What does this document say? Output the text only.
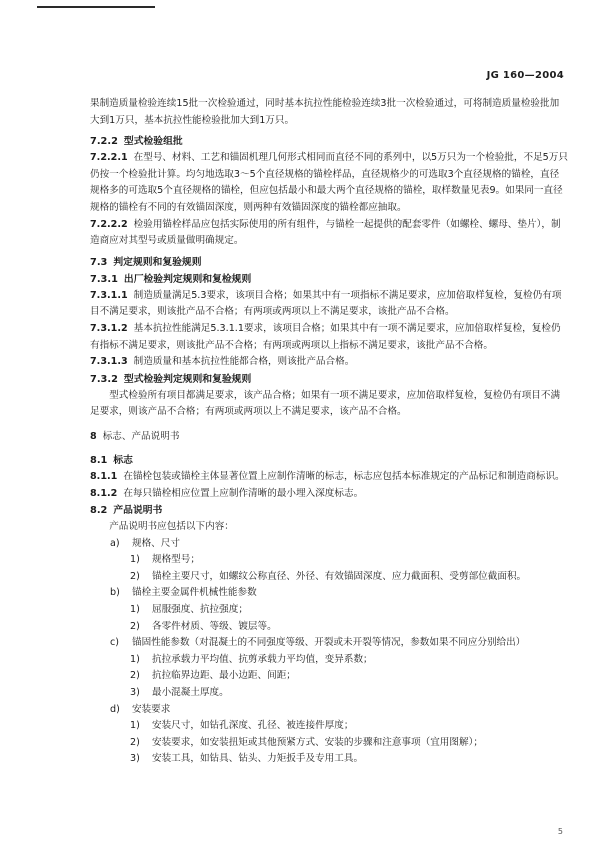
JG 160—2004

果制造质量检验连续15批一次检验通过，同时基本抗拉性能检验连续3批一次检验通过，可将制造质量检验批加大到1万只，基本抗拉性能检验批加大到1万只。

7.2.2 型式检验组批

7.2.2.1 在型号、材料、工艺和锚固机理几何形式相同而直径不同的系列中，以5万只为一个检验批，不足5万只仍按一个检验批计算。均匀地选取3～5个直径规格的锚栓样品，直径规格少的可选取3个直径规格的锚栓，直径规格多的可选取5个直径规格的锚栓，但应包括最小和最大两个直径规格的锚栓，取样数量见表9。如果同一直径规格的锚栓有不同的有效锚固深度，则两种有效锚固深度的锚栓都应抽取。

7.2.2.2 检验用锚栓样品应包括实际使用的所有组件，与锚栓一起提供的配套零件（如螺栓、螺母、垫片），制造商应对其型号或质量做明确规定。

7.3 判定规则和复验规则

7.3.1 出厂检验判定规则和复检规则

7.3.1.1 制造质量满足5.3要求，该项目合格；如果其中有一项指标不满足要求，应加倍取样复检，复检仍有项目不满足要求，则该批产品不合格；有两项或两项以上不满足要求，该批产品不合格。

7.3.1.2 基本抗拉性能满足5.3.1.1要求，该项目合格；如果其中有一项不满足要求，应加倍取样复检，复检仍有指标不满足要求，则该批产品不合格；有两项或两项以上指标不满足要求，该批产品不合格。

7.3.1.3 制造质量和基本抗拉性能都合格，则该批产品合格。

7.3.2 型式检验判定规则和复验规则

型式检验所有项目都满足要求，该产品合格；如果有一项不满足要求，应加倍取样复检，复检仍有项目不满足要求，则该产品不合格；有两项或两项以上不满足要求，该产品不合格。

8 标志、产品说明书

8.1 标志

8.1.1 在锚栓包装或锚栓主体显著位置上应制作清晰的标志，标志应包括本标准规定的产品标记和制造商标识。

8.1.2 在每只锚栓相应位置上应制作清晰的最小埋入深度标志。

8.2 产品说明书

产品说明书应包括以下内容：

a) 规格、尺寸
1) 规格型号；
2) 锚栓主要尺寸，如螺纹公称直径、外径、有效锚固深度、应力截面积、受剪部位截面积。
b) 锚栓主要金属件机械性能参数
1) 屈服强度、抗拉强度；
2) 各零件材质、等级、镀层等。
c) 锚固性能参数（对混凝土的不同强度等级、开裂或未开裂等情况，参数如果不同应分别给出）
1) 抗拉承载力平均值、抗剪承载力平均值，变异系数；
2) 抗拉临界边距、最小边距、间距；
3) 最小混凝土厚度。
d) 安装要求
1) 安装尺寸，如钻孔深度、孔径、被连接件厚度；
2) 安装要求，如安装扭矩或其他预紧方式、安装的步骤和注意事项（宜用图解）；
3) 安装工具，如钻具、钻头、力矩扳手及专用工具。
5
